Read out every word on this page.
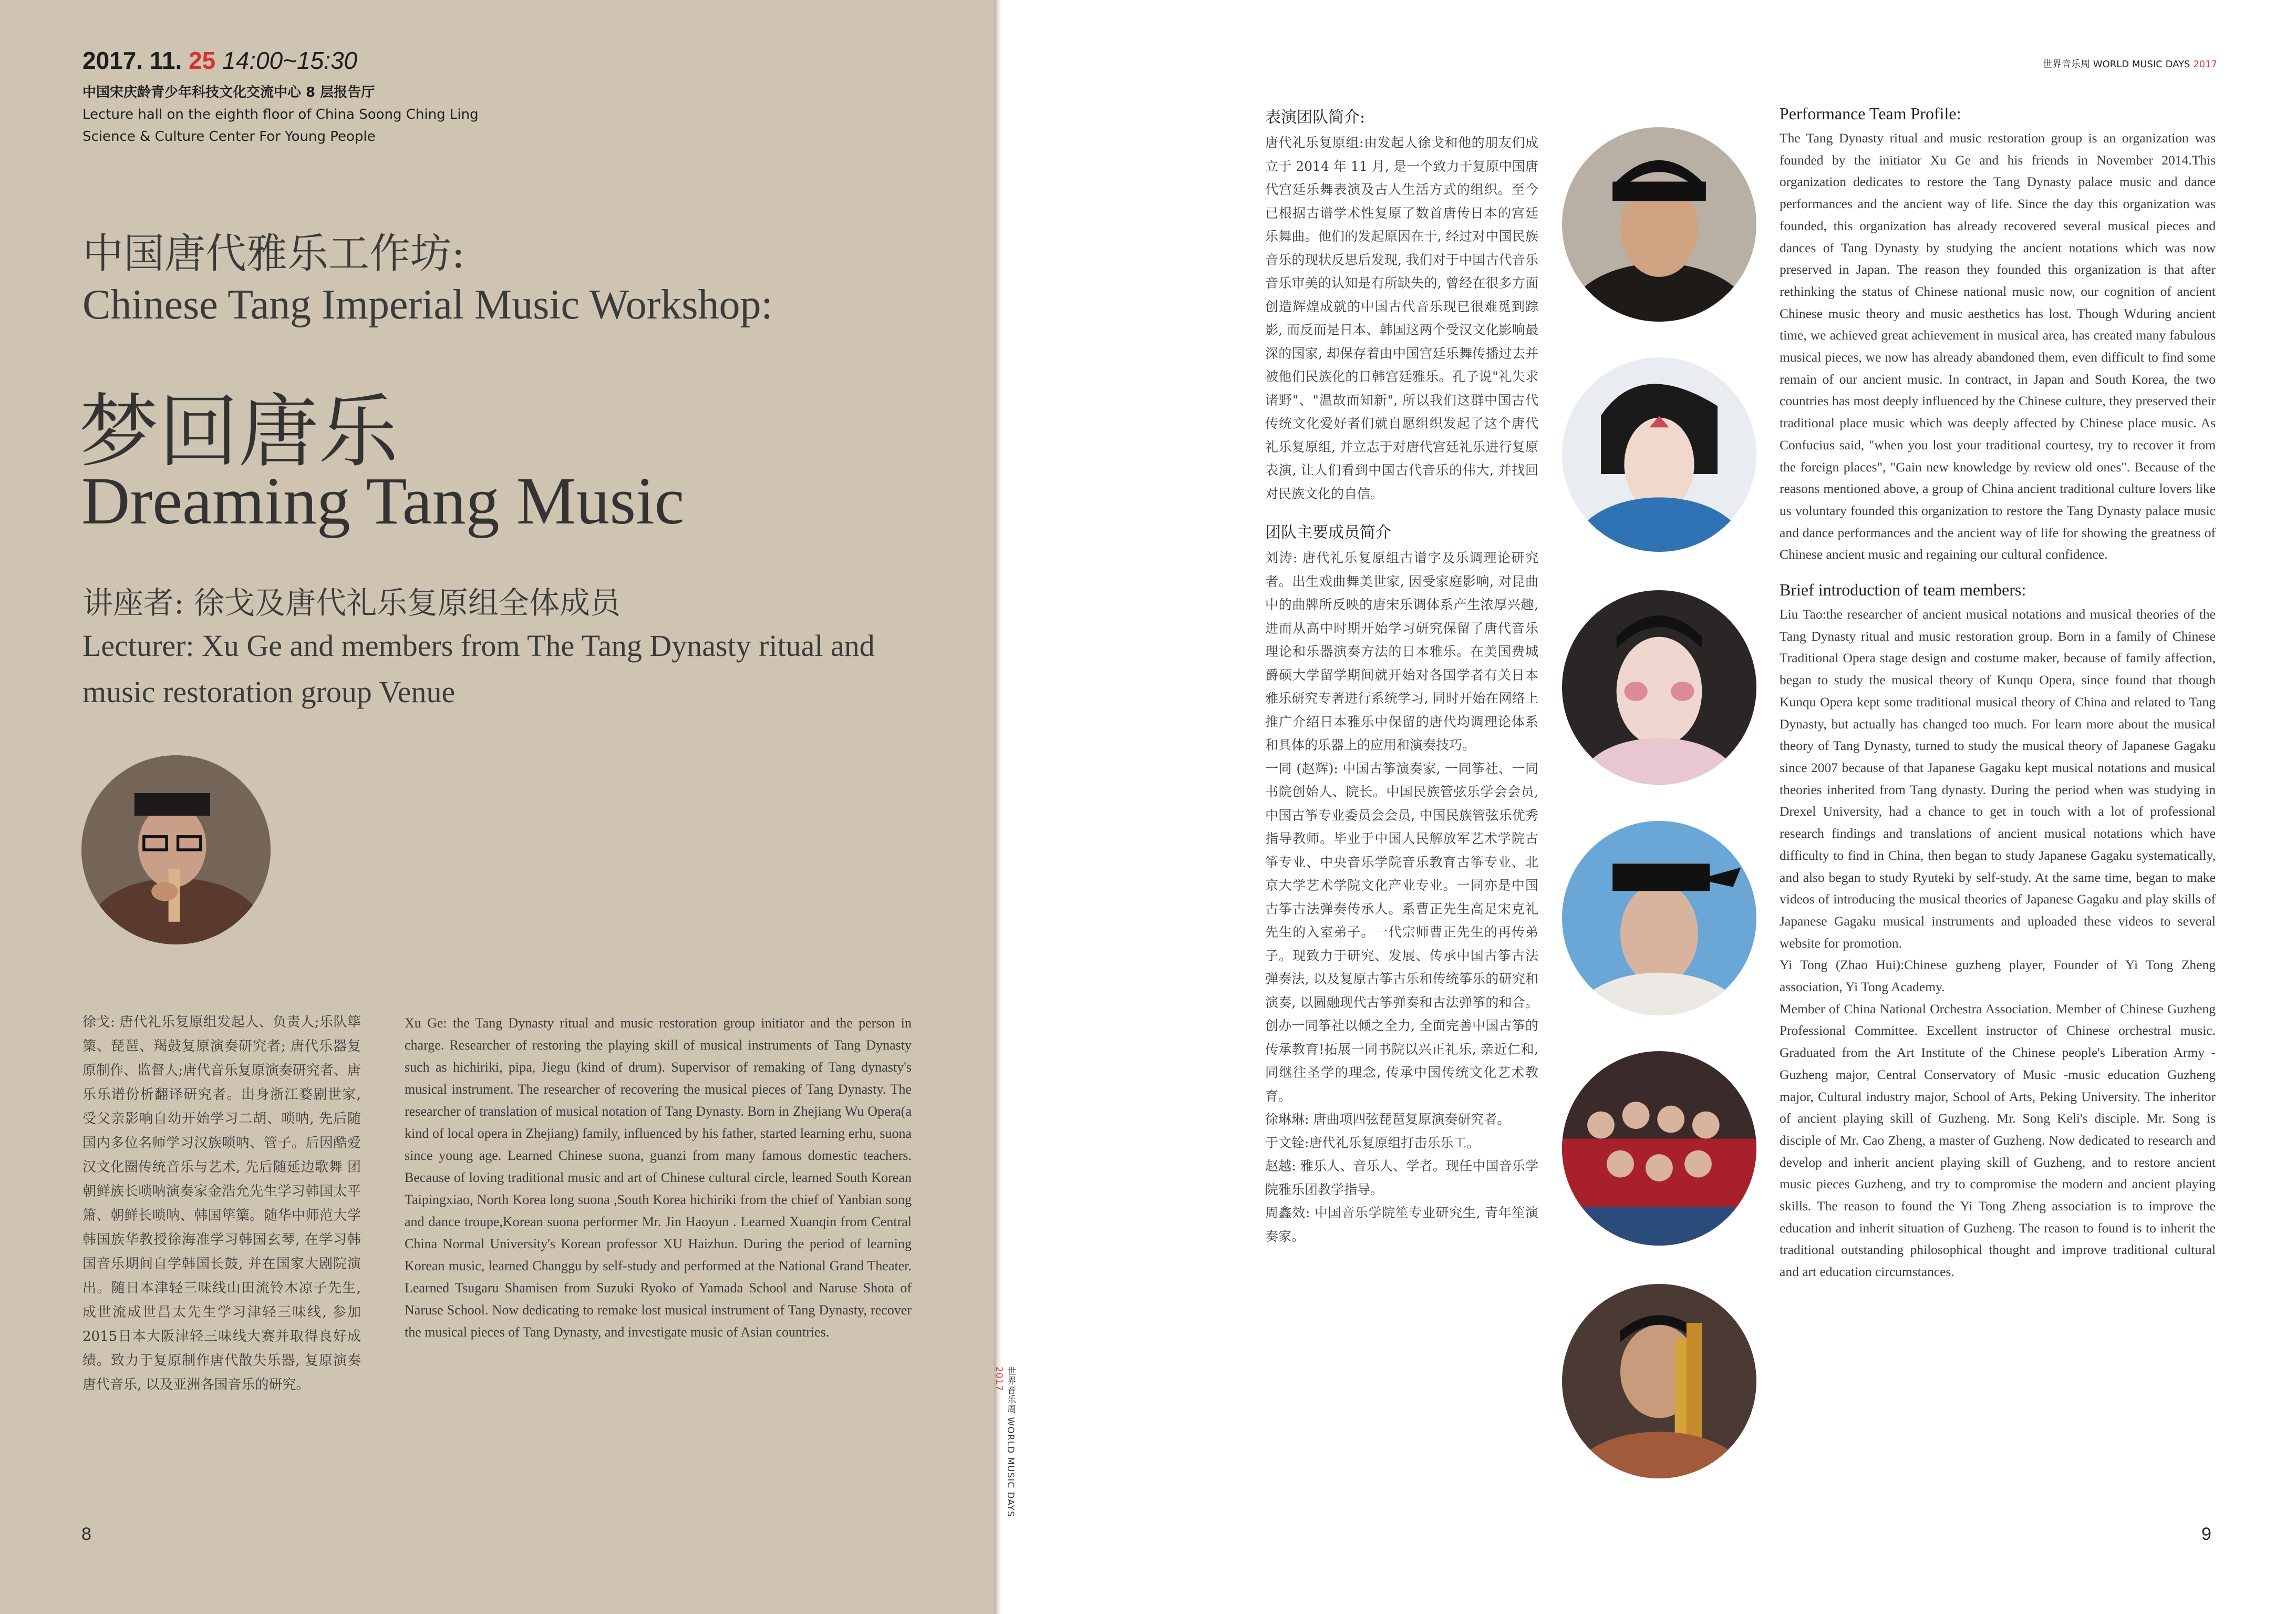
2017. 11. 25 14:00~15:30
中国宋庆龄青少年科技文化交流中心 8 层报告厅
Lecture hall on the eighth floor of China Soong Ching Ling
Science & Culture Center For Young People
中国唐代雅乐工作坊:
Chinese Tang Imperial Music Workshop:
梦回唐乐
Dreaming Tang Music
讲座者: 徐戈及唐代礼乐复原组全体成员
Lecturer: Xu Ge and members from The Tang Dynasty ritual and music restoration group Venue
徐戈: 唐代礼乐复原组发起人、负责人;乐队筚篥、琵琶、羯鼓复原演奏研究者; 唐代乐器复原制作、监督人;唐代音乐复原演奏研究者、唐乐乐谱份析翻译研究者。出身浙江婺剧世家, 受父亲影响自幼开始学习二胡、唢呐, 先后随国内多位名师学习汉族唢呐、管子。后因酷爱汉文化圈传统音乐与艺术, 先后随延边歌舞 团朝鲜族长唢呐演奏家金浩允先生学习韩国太平箫、朝鲜长唢呐、韩国筚篥。随华中师范大学韩国族华教授徐海准学习韩国玄琴, 在学习韩国音乐期间自学韩国长鼓, 并在国家大剧院演出。随日本津轻三味线山田流铃木凉子先生, 成世流成世昌太先生学习津轻三味线, 参加 2015日本大阪津轻三味线大赛并取得良好成绩。致力于复原制作唐代散失乐器, 复原演奏唐代音乐, 以及亚洲各国音乐的研究。
Xu Ge: the Tang Dynasty ritual and music restoration group initiator and the person in charge. Researcher of restoring the playing skill of musical instruments of Tang Dynasty such as hichiriki, pipa, Jiegu (kind of drum). Supervisor of remaking of Tang dynasty's musical instrument. The researcher of recovering the musical pieces of Tang Dynasty. The researcher of translation of musical notation of Tang Dynasty. Born in Zhejiang Wu Opera(a kind of local opera in Zhejiang) family, influenced by his father, started learning erhu, suona since young age. Learned Chinese suona, guanzi from many famous domestic teachers. Because of loving traditional music and art of Chinese cultural circle, learned South Korean Taipingxiao, North Korea long suona ,South Korea hichiriki from the chief of Yanbian song and dance troupe,Korean suona performer Mr. Jin Haoyun . Learned Xuanqin from Central China Normal University's Korean professor XU Haizhun. During the period of learning Korean music, learned Changgu by self-study and performed at the National Grand Theater. Learned Tsugaru Shamisen from Suzuki Ryoko of Yamada School and Naruse Shota of Naruse School. Now dedicating to remake lost musical instrument of Tang Dynasty, recover the musical pieces of Tang Dynasty, and investigate music of Asian countries.
8
世界音乐周 WORLD MUSIC DAYS 2017
世界音乐周 WORLD MUSIC DAYS 2017
表演团队简介:

唐代礼乐复原组:由发起人徐戈和他的朋友们成立于 2014 年 11 月, 是一个致力于复原中国唐代宫廷乐舞表演及古人生活方式的组织。至今已根据古谱学术性复原了数首唐传日本的宫廷乐舞曲。他们的发起原因在于, 经过对中国民族音乐的现状反思后发现, 我们对于中国古代音乐音乐审美的认知是有所缺失的, 曾经在很多方面创造辉煌成就的中国古代音乐现已很难觅到踪影, 而反而是日本、韩国这两个受汉文化影响最深的国家, 却保存着由中国宫廷乐舞传播过去并被他们民族化的日韩宫廷雅乐。孔子说"礼失求诸野"、"温故而知新", 所以我们这群中国古代传统文化爱好者们就自愿组织发起了这个唐代礼乐复原组, 并立志于对唐代宫廷礼乐进行复原表演, 让人们看到中国古代音乐的伟大, 并找回对民族文化的自信。

团队主要成员简介

刘涛: 唐代礼乐复原组古谱字及乐调理论研究者。出生戏曲舞美世家, 因受家庭影响, 对昆曲中的曲牌所反映的唐宋乐调体系产生浓厚兴趣, 进而从高中时期开始学习研究保留了唐代音乐理论和乐器演奏方法的日本雅乐。在美国费城爵硕大学留学期间就开始对各国学者有关日本雅乐研究专著进行系统学习, 同时开始在网络上推广介绍日本雅乐中保留的唐代均调理论体系和具体的乐器上的应用和演奏技巧。

一同 (赵辉): 中国古筝演奏家, 一同筝社、一同书院创始人、院长。中国民族管弦乐学会会员, 中国古筝专业委员会会员, 中国民族管弦乐优秀指导教师。毕业于中国人民解放军艺术学院古筝专业、中央音乐学院音乐教育古筝专业、北京大学艺术学院文化产业专业。一同亦是中国古筝古法弹奏传承人。系曹正先生高足宋克礼先生的入室弟子。一代宗师曹正先生的再传弟子。现致力于研究、发展、传承中国古筝古法弹奏法, 以及复原古筝古乐和传统筝乐的研究和演奏, 以圆融现代古筝弹奏和古法弹筝的和合。创办一同筝社以倾之全力, 全面完善中国古筝的传承教育!拓展一同书院以兴正礼乐, 亲近仁和, 同继往圣学的理念, 传承中国传统文化艺术教育。

徐琳琳: 唐曲项四弦琵琶复原演奏研究者。

于文铨:唐代礼乐复原组打击乐乐工。

赵越: 雅乐人、音乐人、学者。现任中国音乐学院雅乐团教学指导。

周鑫效: 中国音乐学院笙专业研究生, 青年笙演奏家。

Performance Team Profile:

The Tang Dynasty ritual and music restoration group is an organization was founded by the initiator Xu Ge and his friends in November 2014.This organization dedicates to restore the Tang Dynasty palace music and dance performances and the ancient way of life. Since the day this organization was founded, this organization has already recovered several musical pieces and dances of Tang Dynasty by studying the ancient notations which was now preserved in Japan. The reason they founded this organization is that after rethinking the status of Chinese national music now, our cognition of ancient Chinese music theory and music aesthetics has lost. Though Wduring ancient time, we achieved great achievement in musical area, has created many fabulous musical pieces, we now has already abandoned them, even difficult to find some remain of our ancient music. In contract, in Japan and South Korea, the two countries has most deeply influenced by the Chinese culture, they preserved their traditional place music which was deeply affected by Chinese place music. As Confucius said, "when you lost your traditional courtesy, try to recover it from the foreign places", "Gain new knowledge by review old ones". Because of the reasons mentioned above, a group of China ancient traditional culture lovers like us voluntary founded this organization to restore the Tang Dynasty palace music and dance performances and the ancient way of life for showing the greatness of Chinese ancient music and regaining our cultural confidence.

Brief introduction of team members:

Liu Tao:the researcher of ancient musical notations and musical theories of the Tang Dynasty ritual and music restoration group. Born in a family of Chinese Traditional Opera stage design and costume maker, because of family affection, began to study the musical theory of Kunqu Opera, since found that though Kunqu Opera kept some traditional musical theory of China and related to Tang Dynasty, but actually has changed too much. For learn more about the musical theory of Tang Dynasty, turned to study the musical theory of Japanese Gagaku since 2007 because of that Japanese Gagaku kept musical notations and musical theories inherited from Tang dynasty. During the period when was studying in Drexel University, had a chance to get in touch with a lot of professional research findings and translations of ancient musical notations which have difficulty to find in China, then began to study Japanese Gagaku systematically, and also began to study Ryuteki by self-study. At the same time, began to make videos of introducing the musical theories of Japanese Gagaku and play skills of Japanese Gagaku musical instruments and uploaded these videos to several website for promotion.

Yi Tong (Zhao Hui):Chinese guzheng player, Founder of Yi Tong Zheng association, Yi Tong Academy.

Member of China National Orchestra Association. Member of Chinese Guzheng Professional Committee. Excellent instructor of Chinese orchestral music. Graduated from the Art Institute of the Chinese people's Liberation Army - Guzheng major, Central Conservatory of Music -music education Guzheng major, Cultural industry major, School of Arts, Peking University. The inheritor of ancient playing skill of Guzheng. Mr. Song Keli's disciple. Mr. Song is disciple of Mr. Cao Zheng, a master of Guzheng. Now dedicated to research and develop and inherit ancient playing skill of Guzheng, and to restore ancient music pieces Guzheng, and try to compromise the modern and ancient playing skills. The reason to found the Yi Tong Zheng association is to improve the education and inherit situation of Guzheng. The reason to found is to inherit the traditional outstanding philosophical thought and improve traditional cultural and art education circumstances.

9
